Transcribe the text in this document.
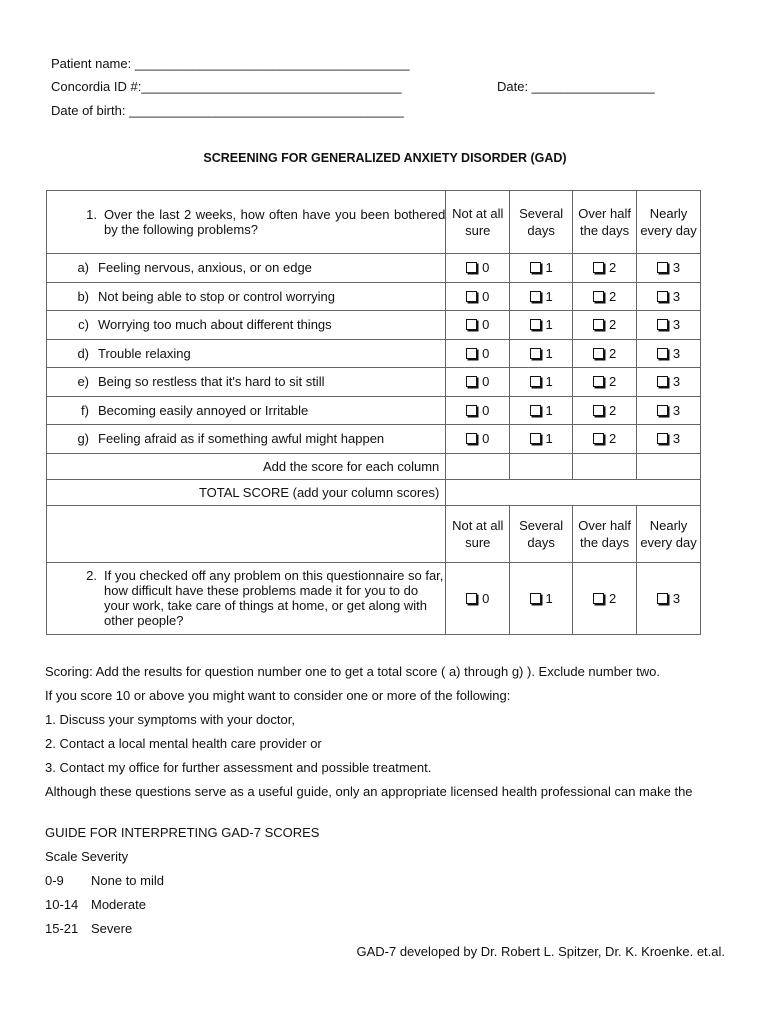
Patient name: ______________________________________
Concordia ID #:____________________________________	Date: _________________
Date of birth: ______________________________________
SCREENING FOR GENERALIZED ANXIETY DISORDER (GAD)
1. Over the last 2 weeks, how often have you been bothered by the following problems?	Not at all sure	Several days	Over half the days	Nearly every day

a) Feeling nervous, anxious, or on edge	0	1	2	3

b) Not being able to stop or control worrying	0	1	2	3

c) Worrying too much about different things	0	1	2	3

d) Trouble relaxing	0	1	2	3

e) Being so restless that it's hard to sit still	0	1	2	3

f) Becoming easily annoyed or Irritable	0	1	2	3

g) Feeling afraid as if something awful might happen	0	1	2	3
Add the score for each column				
TOTAL SCORE (add your column scores)				
	Not at all sure	Several days	Over half the days	Nearly every day

2. If you checked off any problem on this questionnaire so far, how difficult have these problems made it for you to do your work, take care of things at home, or get along with other people?	0	1	2	3
Scoring: Add the results for question number one to get a total score ( a) through g) ). Exclude number two.
If you score 10 or above you might want to consider one or more of the following:
1. Discuss your symptoms with your doctor,
2. Contact a local mental health care provider or
3. Contact my office for further assessment and possible treatment.
Although these questions serve as a useful guide, only an appropriate licensed health professional can make the
GUIDE FOR INTERPRETING GAD-7 SCORES
Scale Severity
0-9 None to mild
10-14 Moderate
15-21 Severe
GAD-7 developed by Dr. Robert L. Spitzer, Dr. K. Kroenke. et.al.
